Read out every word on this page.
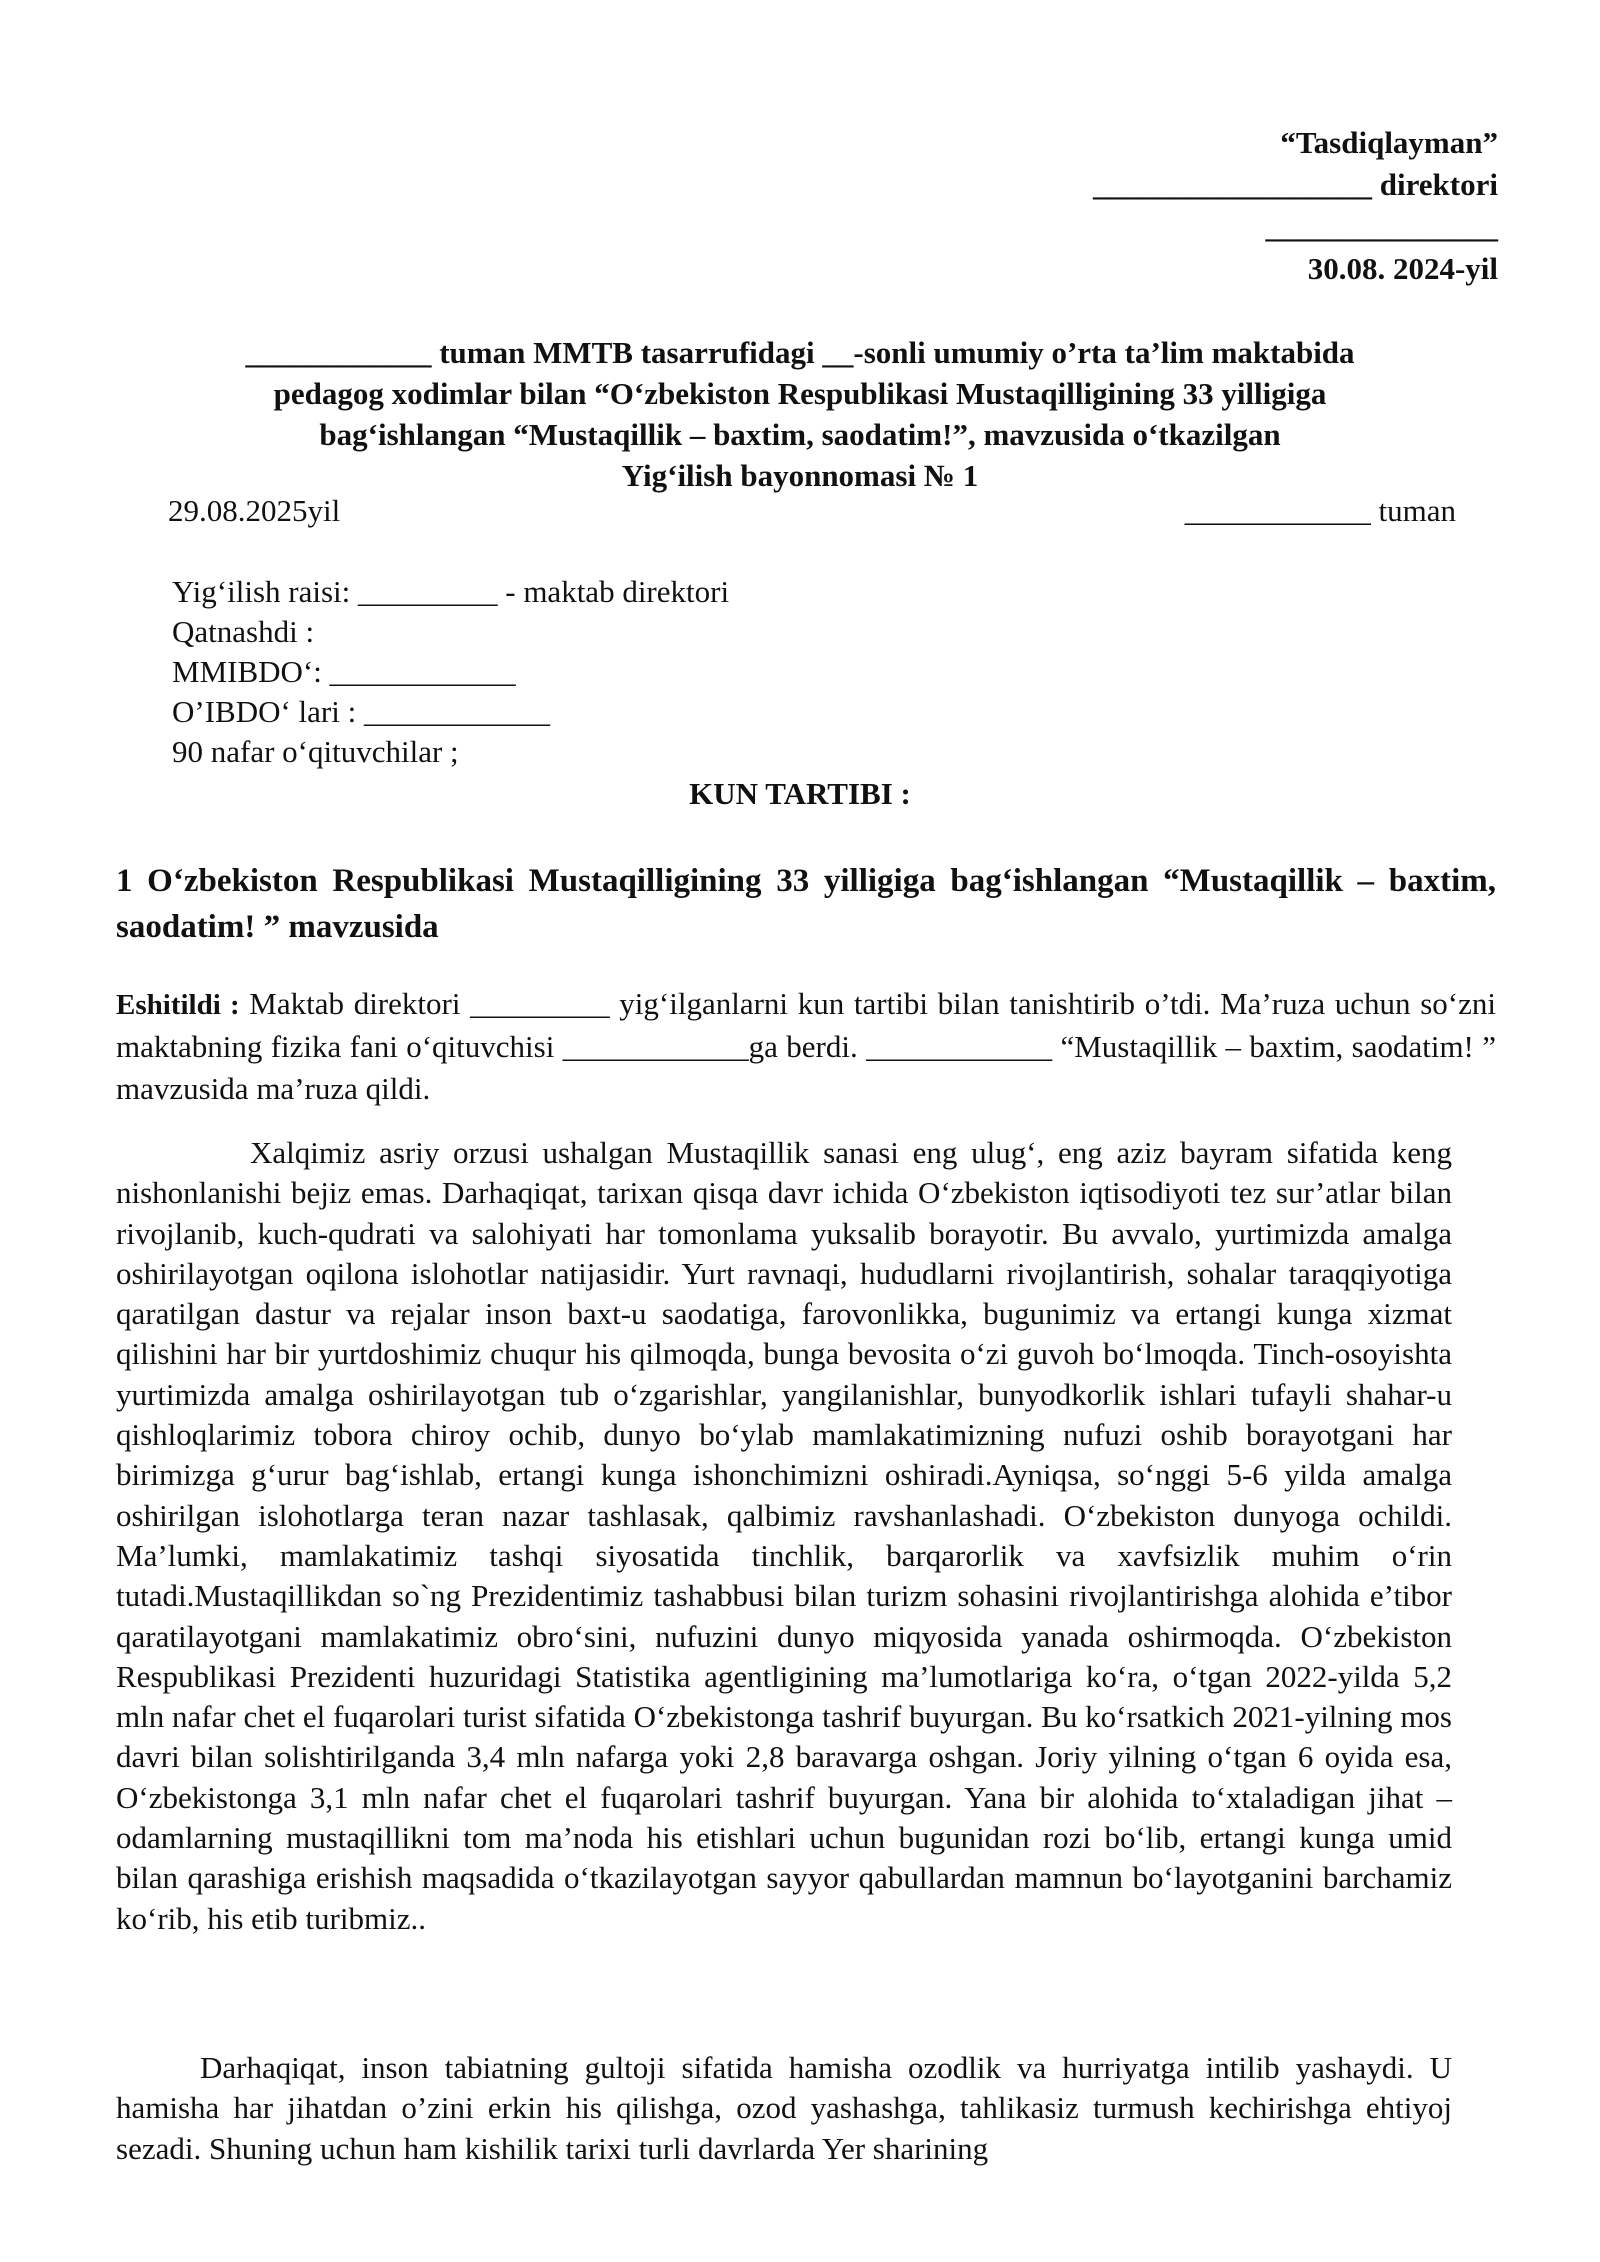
“Tasdiqlayman”
__________________ direktori
_______________
30.08. 2024-yil
____________ tuman MMTB tasarrufidagi __-sonli umumiy o’rta ta’lim maktabida
pedagog xodimlar bilan “O‘zbekiston Respublikasi Mustaqilligining 33 yilligiga
bag‘ishlangan “Mustaqillik – baxtim, saodatim!”, mavzusida o‘tkazilgan
Yig‘ilish bayonnomasi № 1
29.08.2025yil	____________ tuman
Yig‘ilish raisi: _________ - maktab direktori
Qatnashdi :
MMIBDO‘: ____________
O’IBDO‘ lari : ____________
90 nafar o‘qituvchilar ;
KUN TARTIBI :
1 O‘zbekiston Respublikasi Mustaqilligining 33 yilligiga bag‘ishlangan “Mustaqillik – baxtim, saodatim! ” mavzusida
Eshitildi : Maktab direktori _________ yig‘ilganlarni kun tartibi bilan tanishtirib o’tdi. Ma’ruza uchun so‘zni maktabning fizika fani o‘qituvchisi ____________ga berdi. ____________ “Mustaqillik – baxtim, saodatim! ” mavzusida ma’ruza qildi.

Xalqimiz asriy orzusi ushalgan Mustaqillik sanasi eng ulug‘, eng aziz bayram sifatida keng nishonlanishi bejiz emas. Darhaqiqat, tarixan qisqa davr ichida O‘zbekiston iqtisodiyoti tez sur’atlar bilan rivojlanib, kuch-qudrati va salohiyati har tomonlama yuksalib borayotir. Bu avvalo, yurtimizda amalga oshirilayotgan oqilona islohotlar natijasidir. Yurt ravnaqi, hududlarni rivojlantirish, sohalar taraqqiyotiga qaratilgan dastur va rejalar inson baxt-u saodatiga, farovonlikka, bugunimiz va ertangi kunga xizmat qilishini har bir yurtdoshimiz chuqur his qilmoqda, bunga bevosita o‘zi guvoh bo‘lmoqda. Tinch-osoyishta yurtimizda amalga oshirilayotgan tub o‘zgarishlar, yangilanishlar, bunyodkorlik ishlari tufayli shahar-u qishloqlarimiz tobora chiroy ochib, dunyo bo‘ylab mamlakatimizning nufuzi oshib borayotgani har birimizga g‘urur bag‘ishlab, ertangi kunga ishonchimizni oshiradi.Ayniqsa, so‘nggi 5-6 yilda amalga oshirilgan islohotlarga teran nazar tashlasak, qalbimiz ravshanlashadi. O‘zbekiston dunyoga ochildi. Ma’lumki, mamlakatimiz tashqi siyosatida tinchlik, barqarorlik va xavfsizlik muhim o‘rin tutadi.Mustaqillikdan so`ng Prezidentimiz tashabbusi bilan turizm sohasini rivojlantirishga alohida e’tibor qaratilayotgani mamlakatimiz obro‘sini, nufuzini dunyo miqyosida yanada oshirmoqda. O‘zbekiston Respublikasi Prezidenti huzuridagi Statistika agentligining ma’lumotlariga ko‘ra, o‘tgan 2022-yilda 5,2 mln nafar chet el fuqarolari turist sifatida O‘zbekistonga tashrif buyurgan. Bu ko‘rsatkich 2021-yilning mos davri bilan solishtirilganda 3,4 mln nafarga yoki 2,8 baravarga oshgan. Joriy yilning o‘tgan 6 oyida esa, O‘zbekistonga 3,1 mln nafar chet el fuqarolari tashrif buyurgan. Yana bir alohida to‘xtaladigan jihat – odamlarning mustaqillikni tom ma’noda his etishlari uchun bugunidan rozi bo‘lib, ertangi kunga umid bilan qarashiga erishish maqsadida o‘tkazilayotgan sayyor qabullardan mamnun bo‘layotganini barchamiz ko‘rib, his etib turibmiz..

Darhaqiqat, inson tabiatning gultoji sifatida hamisha ozodlik va hurriyatga intilib yashaydi. U hamisha har jihatdan o’zini erkin his qilishga, ozod yashashga, tahlikasiz turmush kechirishga ehtiyoj sezadi. Shuning uchun ham kishilik tarixi turli davrlarda Yer sharining
